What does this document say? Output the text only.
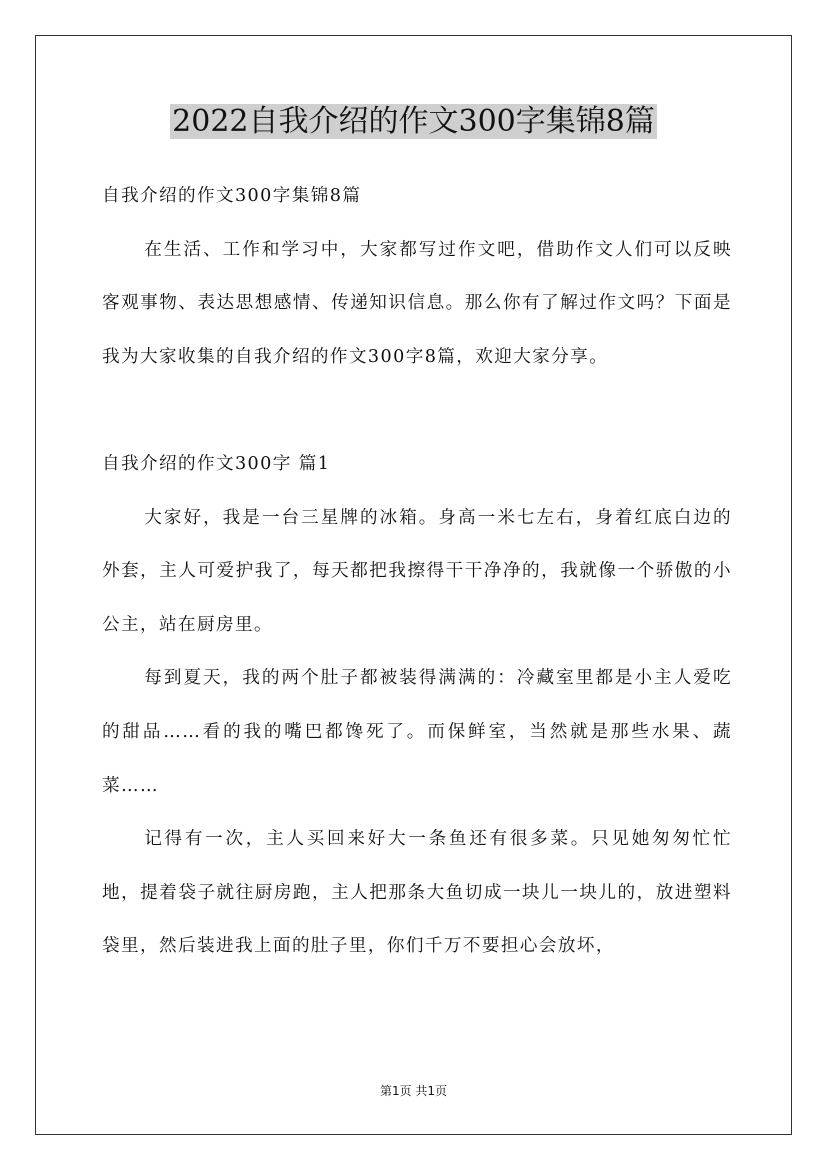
2022自我介绍的作文300字集锦8篇

自我介绍的作文300字集锦8篇

在生活、工作和学习中，大家都写过作文吧，借助作文人们可以反映客观事物、表达思想感情、传递知识信息。那么你有了解过作文吗？下面是我为大家收集的自我介绍的作文300字8篇，欢迎大家分享。

自我介绍的作文300字 篇1

大家好，我是一台三星牌的冰箱。身高一米七左右，身着红底白边的外套，主人可爱护我了，每天都把我擦得干干净净的，我就像一个骄傲的小公主，站在厨房里。

每到夏天，我的两个肚子都被装得满满的：冷藏室里都是小主人爱吃的甜品……看的我的嘴巴都馋死了。而保鲜室，当然就是那些水果、蔬菜……

记得有一次，主人买回来好大一条鱼还有很多菜。只见她匆匆忙忙地，提着袋子就往厨房跑，主人把那条大鱼切成一块儿一块儿的，放进塑料袋里，然后装进我上面的肚子里，你们千万不要担心会放坏，

第1页 共1页
